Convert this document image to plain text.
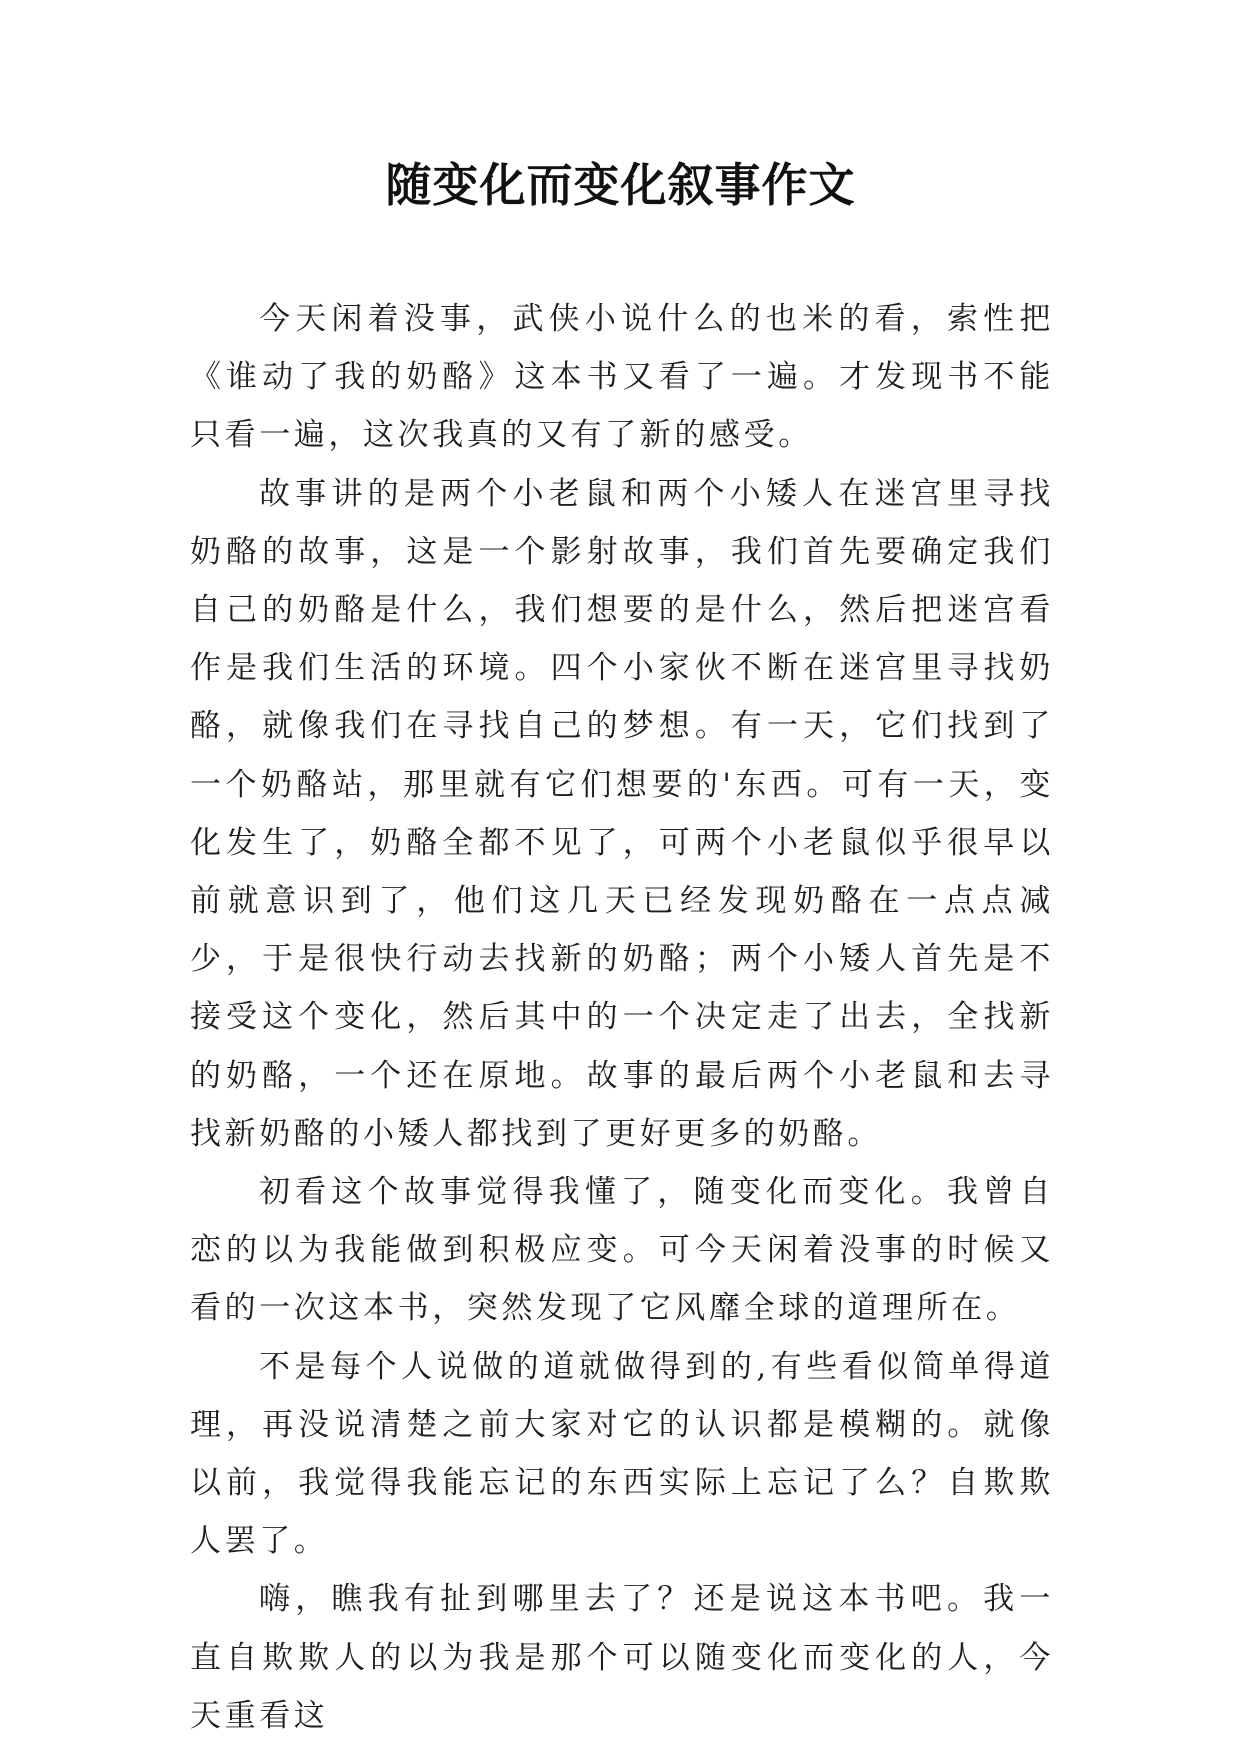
随变化而变化叙事作文

今天闲着没事，武侠小说什么的也米的看，索性把《谁动了我的奶酪》这本书又看了一遍。才发现书不能只看一遍，这次我真的又有了新的感受。

故事讲的是两个小老鼠和两个小矮人在迷宫里寻找奶酪的故事，这是一个影射故事，我们首先要确定我们自己的奶酪是什么，我们想要的是什么，然后把迷宫看作是我们生活的环境。四个小家伙不断在迷宫里寻找奶酪，就像我们在寻找自己的梦想。有一天，它们找到了一个奶酪站，那里就有它们想要的'东西。可有一天，变化发生了，奶酪全都不见了，可两个小老鼠似乎很早以前就意识到了，他们这几天已经发现奶酪在一点点减少，于是很快行动去找新的奶酪；两个小矮人首先是不接受这个变化，然后其中的一个决定走了出去，全找新的奶酪，一个还在原地。故事的最后两个小老鼠和去寻找新奶酪的小矮人都找到了更好更多的奶酪。

初看这个故事觉得我懂了，随变化而变化。我曾自恋的以为我能做到积极应变。可今天闲着没事的时候又看的一次这本书，突然发现了它风靡全球的道理所在。

不是每个人说做的道就做得到的,有些看似简单得道理，再没说清楚之前大家对它的认识都是模糊的。就像以前，我觉得我能忘记的东西实际上忘记了么？自欺欺人罢了。

嗨，瞧我有扯到哪里去了？还是说这本书吧。我一直自欺欺人的以为我是那个可以随变化而变化的人，今天重看这
